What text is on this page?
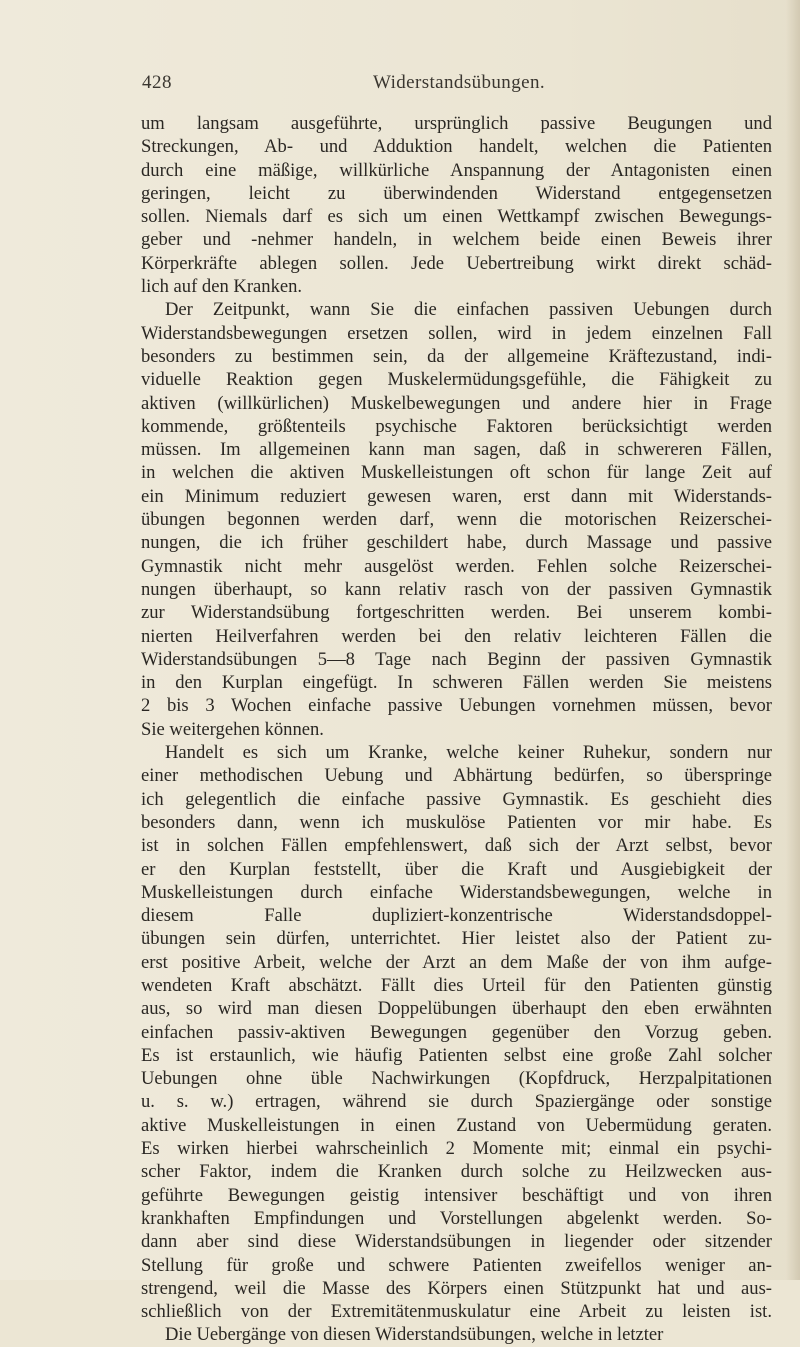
428	Widerstandsübungen.
um langsam ausgeführte, ursprünglich passive Beugungen und
Streckungen, Ab- und Adduktion handelt, welchen die Patienten
durch eine mäßige, willkürliche Anspannung der Antagonisten einen
geringen, leicht zu überwindenden Widerstand entgegensetzen
sollen. Niemals darf es sich um einen Wettkampf zwischen Bewegungs-
geber und -nehmer handeln, in welchem beide einen Beweis ihrer
Körperkräfte ablegen sollen. Jede Uebertreibung wirkt direkt schäd-
lich auf den Kranken.
Der Zeitpunkt, wann Sie die einfachen passiven Uebungen durch
Widerstandsbewegungen ersetzen sollen, wird in jedem einzelnen Fall
besonders zu bestimmen sein, da der allgemeine Kräftezustand, indi-
viduelle Reaktion gegen Muskelermüdungsgefühle, die Fähigkeit zu
aktiven (willkürlichen) Muskelbewegungen und andere hier in Frage
kommende, größtenteils psychische Faktoren berücksichtigt werden
müssen. Im allgemeinen kann man sagen, daß in schwereren Fällen,
in welchen die aktiven Muskelleistungen oft schon für lange Zeit auf
ein Minimum reduziert gewesen waren, erst dann mit Widerstands-
übungen begonnen werden darf, wenn die motorischen Reizerschei-
nungen, die ich früher geschildert habe, durch Massage und passive
Gymnastik nicht mehr ausgelöst werden. Fehlen solche Reizerschei-
nungen überhaupt, so kann relativ rasch von der passiven Gymnastik
zur Widerstandsübung fortgeschritten werden. Bei unserem kombi-
nierten Heilverfahren werden bei den relativ leichteren Fällen die
Widerstandsübungen 5—8 Tage nach Beginn der passiven Gymnastik
in den Kurplan eingefügt. In schweren Fällen werden Sie meistens
2 bis 3 Wochen einfache passive Uebungen vornehmen müssen, bevor
Sie weitergehen können.
Handelt es sich um Kranke, welche keiner Ruhekur, sondern nur
einer methodischen Uebung und Abhärtung bedürfen, so überspringe
ich gelegentlich die einfache passive Gymnastik. Es geschieht dies
besonders dann, wenn ich muskulöse Patienten vor mir habe. Es
ist in solchen Fällen empfehlenswert, daß sich der Arzt selbst, bevor
er den Kurplan feststellt, über die Kraft und Ausgiebigkeit der
Muskelleistungen durch einfache Widerstandsbewegungen, welche in
diesem Falle dupliziert-konzentrische Widerstandsdoppel-
übungen sein dürfen, unterrichtet. Hier leistet also der Patient zu-
erst positive Arbeit, welche der Arzt an dem Maße der von ihm aufge-
wendeten Kraft abschätzt. Fällt dies Urteil für den Patienten günstig
aus, so wird man diesen Doppelübungen überhaupt den eben erwähnten
einfachen passiv-aktiven Bewegungen gegenüber den Vorzug geben.
Es ist erstaunlich, wie häufig Patienten selbst eine große Zahl solcher
Uebungen ohne üble Nachwirkungen (Kopfdruck, Herzpalpitationen
u. s. w.) ertragen, während sie durch Spaziergänge oder sonstige
aktive Muskelleistungen in einen Zustand von Uebermüdung geraten.
Es wirken hierbei wahrscheinlich 2 Momente mit; einmal ein psychi-
scher Faktor, indem die Kranken durch solche zu Heilzwecken aus-
geführte Bewegungen geistig intensiver beschäftigt und von ihren
krankhaften Empfindungen und Vorstellungen abgelenkt werden. So-
dann aber sind diese Widerstandsübungen in liegender oder sitzender
Stellung für große und schwere Patienten zweifellos weniger an-
strengend, weil die Masse des Körpers einen Stützpunkt hat und aus-
schließlich von der Extremitätenmuskulatur eine Arbeit zu leisten ist.
Die Uebergänge von diesen Widerstandsübungen, welche in letzter
